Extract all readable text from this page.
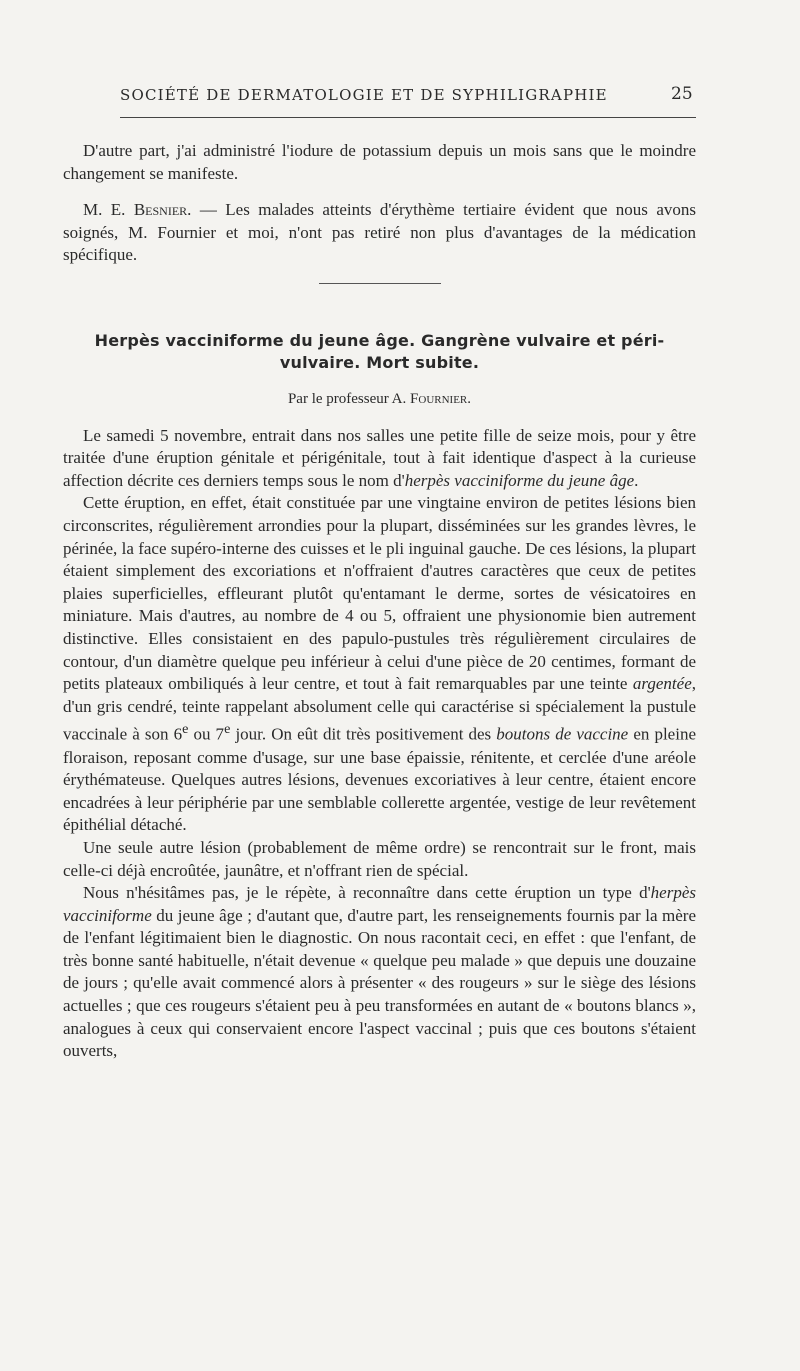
SOCIÉTÉ DE DERMATOLOGIE ET DE SYPHILIGRAPHIE	25

D'autre part, j'ai administré l'iodure de potassium depuis un mois sans que le moindre changement se manifeste.

M. E. Besnier. — Les malades atteints d'érythème tertiaire évident que nous avons soignés, M. Fournier et moi, n'ont pas retiré non plus d'avantages de la médication spécifique.

Herpès vacciniforme du jeune âge. Gangrène vulvaire et péri-vulvaire. Mort subite.
Par le professeur A. Fournier.

Le samedi 5 novembre, entrait dans nos salles une petite fille de seize mois, pour y être traitée d'une éruption génitale et périgénitale, tout à fait identique d'aspect à la curieuse affection décrite ces derniers temps sous le nom d'herpès vacciniforme du jeune âge.

Cette éruption, en effet, était constituée par une vingtaine environ de petites lésions bien circonscrites, régulièrement arrondies pour la plupart, disséminées sur les grandes lèvres, le périnée, la face supéro-interne des cuisses et le pli inguinal gauche. De ces lésions, la plupart étaient simplement des excoriations et n'offraient d'autres caractères que ceux de petites plaies superficielles, effleurant plutôt qu'entamant le derme, sortes de vésicatoires en miniature. Mais d'autres, au nombre de 4 ou 5, offraient une physionomie bien autrement distinctive. Elles consistaient en des papulo-pustules très régulièrement circulaires de contour, d'un diamètre quelque peu inférieur à celui d'une pièce de 20 centimes, formant de petits plateaux ombiliqués à leur centre, et tout à fait remarquables par une teinte argentée, d'un gris cendré, teinte rappelant absolument celle qui caractérise si spécialement la pustule vaccinale à son 6e ou 7e jour. On eût dit très positivement des boutons de vaccine en pleine floraison, reposant comme d'usage, sur une base épaissie, rénitente, et cerclée d'une aréole érythémateuse. Quelques autres lésions, devenues excoriatives à leur centre, étaient encore encadrées à leur périphérie par une semblable collerette argentée, vestige de leur revêtement épithélial détaché.

Une seule autre lésion (probablement de même ordre) se rencontrait sur le front, mais celle-ci déjà encroûtée, jaunâtre, et n'offrant rien de spécial.

Nous n'hésitâmes pas, je le répète, à reconnaître dans cette éruption un type d'herpès vacciniforme du jeune âge ; d'autant que, d'autre part, les renseignements fournis par la mère de l'enfant légitimaient bien le diagnostic. On nous racontait ceci, en effet : que l'enfant, de très bonne santé habituelle, n'était devenue « quelque peu malade » que depuis une douzaine de jours ; qu'elle avait commencé alors à présenter « des rougeurs » sur le siège des lésions actuelles ; que ces rougeurs s'étaient peu à peu transformées en autant de « boutons blancs », analogues à ceux qui conservaient encore l'aspect vaccinal ; puis que ces boutons s'étaient ouverts,
